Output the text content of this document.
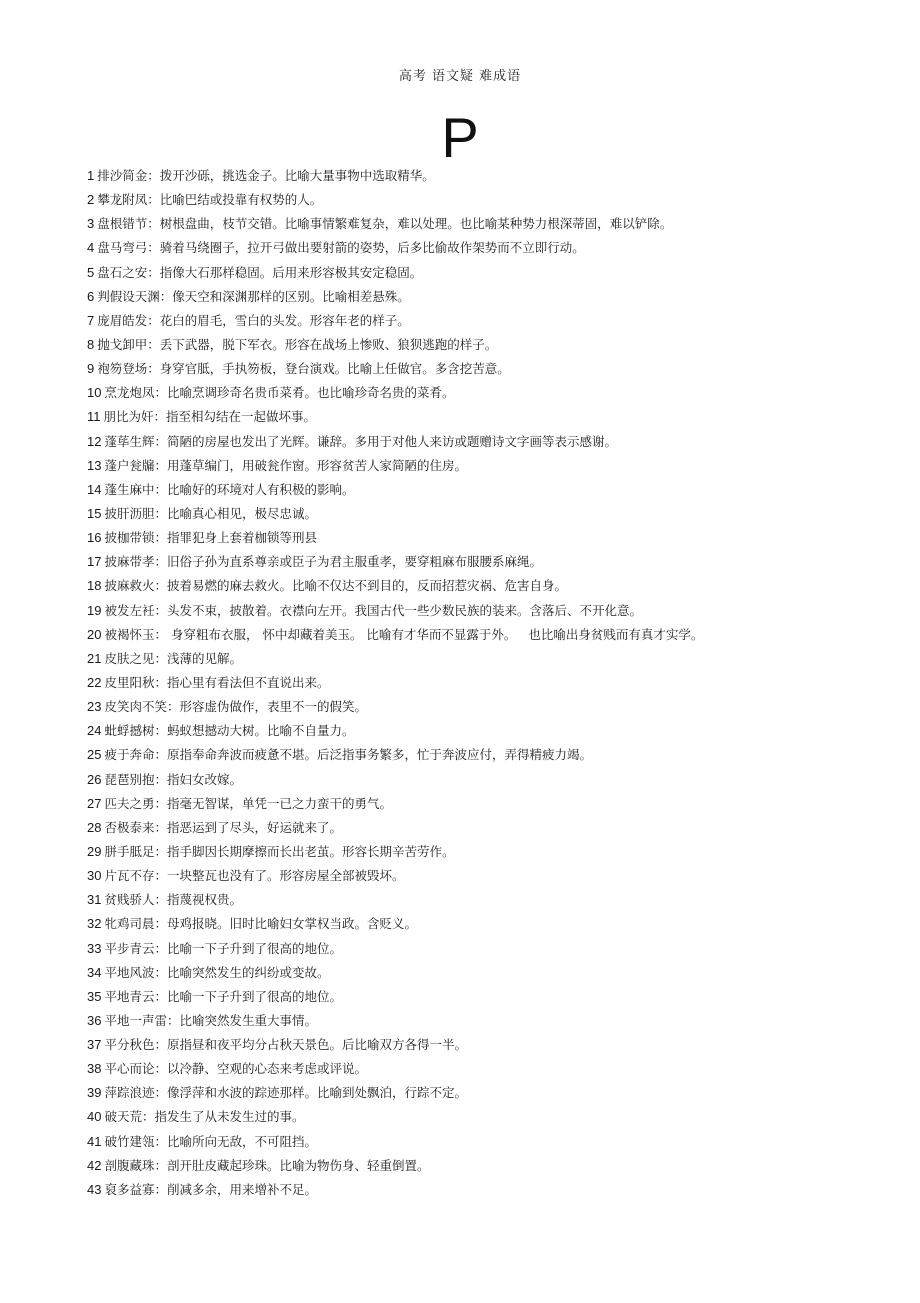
高考 语文疑 难成语
P
1 排沙简金：拨开沙砾，挑选金子。比喻大量事物中选取精华。
2 攀龙附凤：比喻巴结或投靠有权势的人。
3 盘根错节：树根盘曲，枝节交错。比喻事情繁难复杂，难以处理。也比喻某种势力根深蒂固，难以铲除。
4 盘马弯弓：骑着马绕圈子，拉开弓做出要射箭的姿势，后多比偷故作架势而不立即行动。
5 盘石之安：指像大石那样稳固。后用来形容极其安定稳固。
6 判假设天渊：像天空和深渊那样的区别。比喻相差悬殊。
7 庞眉皓发：花白的眉毛，雪白的头发。形容年老的样子。
8 抛戈卸甲：丢下武器，脱下军衣。形容在战场上惨败、狼狈逃跑的样子。
9 袍笏登场：身穿官胝，手执笏板，登台演戏。比喻上任做官。多含挖苦意。
10 烹龙炮凤：比喻烹调珍奇名贵币菜肴。也比喻珍奇名贵的菜肴。
11 朋比为奸：指至相勾结在一起做坏事。
12 蓬荜生辉：简陋的房屋也发出了光辉。谦辞。多用于对他人来访或题赠诗文字画等表示感谢。
13 蓬户瓮牖：用蓬草编门，用破瓮作窗。形容贫苦人家简陋的住房。
14 蓬生麻中：比喻好的环境对人有积极的影响。
15 披肝沥胆：比喻真心相见，极尽忠诚。
16 披枷带锁：指罪犯身上套着枷锁等刑县
17 披麻带孝：旧俗子孙为直系尊亲或臣子为君主服重孝，要穿粗麻布服腰系麻绳。
18 披麻救火：披着易燃的麻去救火。比喻不仅达不到目的，反而招惹灾祸、危害自身。
19 被发左衽：头发不束，披散着。衣襟向左开。我国古代一些少数民族的装来。含落后、不开化意。
20 被褐怀玉： 身穿粗布衣服， 怀中却藏着美玉。 比喻有才华而不显露于外。   也比喻出身贫贱而有真才实学。
21 皮肤之见：浅薄的见解。
22 皮里阳秋：指心里有看法但不直说出来。
23 皮笑肉不笑：形容虚伪做作，表里不一的假笑。
24 蚍蜉撼树：蚂蚁想撼动大树。比喻不自量力。
25 疲于奔命：原指奉命奔波而疲惫不堪。后泛指事务繁多，忙于奔波应付，弄得精疲力竭。
26 琵琶别抱：指妇女改嫁。
27 匹夫之勇：指毫无智谋，单凭一已之力蛮干的勇气。
28 否极泰来：指恶运到了尽头，好运就来了。
29 胼手胝足：指手脚因长期摩擦而长出老茧。形容长期辛苦劳作。
30 片瓦不存：一块整瓦也没有了。形容房屋全部被毁坏。
31 贫贱骄人：指蔑视权贵。
32 牝鸡司晨：母鸡报晓。旧时比喻妇女掌权当政。含贬义。
33 平步青云：比喻一下子升到了很高的地位。
34 平地风波：比喻突然发生的纠纷或变故。
35 平地青云：比喻一下子升到了很高的地位。
36 平地一声雷：比喻突然发生重大事情。
37 平分秋色：原指昼和夜平均分占秋天景色。后比喻双方各得一半。
38 平心而论：以冷静、空观的心态来考虑或评说。
39 萍踪浪迹：像浮萍和水波的踪迹那样。比喻到处飘泊，行踪不定。
40 破天荒：指发生了从未发生过的事。
41 破竹建瓴：比喻所向无敌，不可阻挡。
42 剖腹藏珠：剖开肚皮藏起珍珠。比喻为物伤身、轻重倒置。
43 裒多益寡：削减多余，用来增补不足。
